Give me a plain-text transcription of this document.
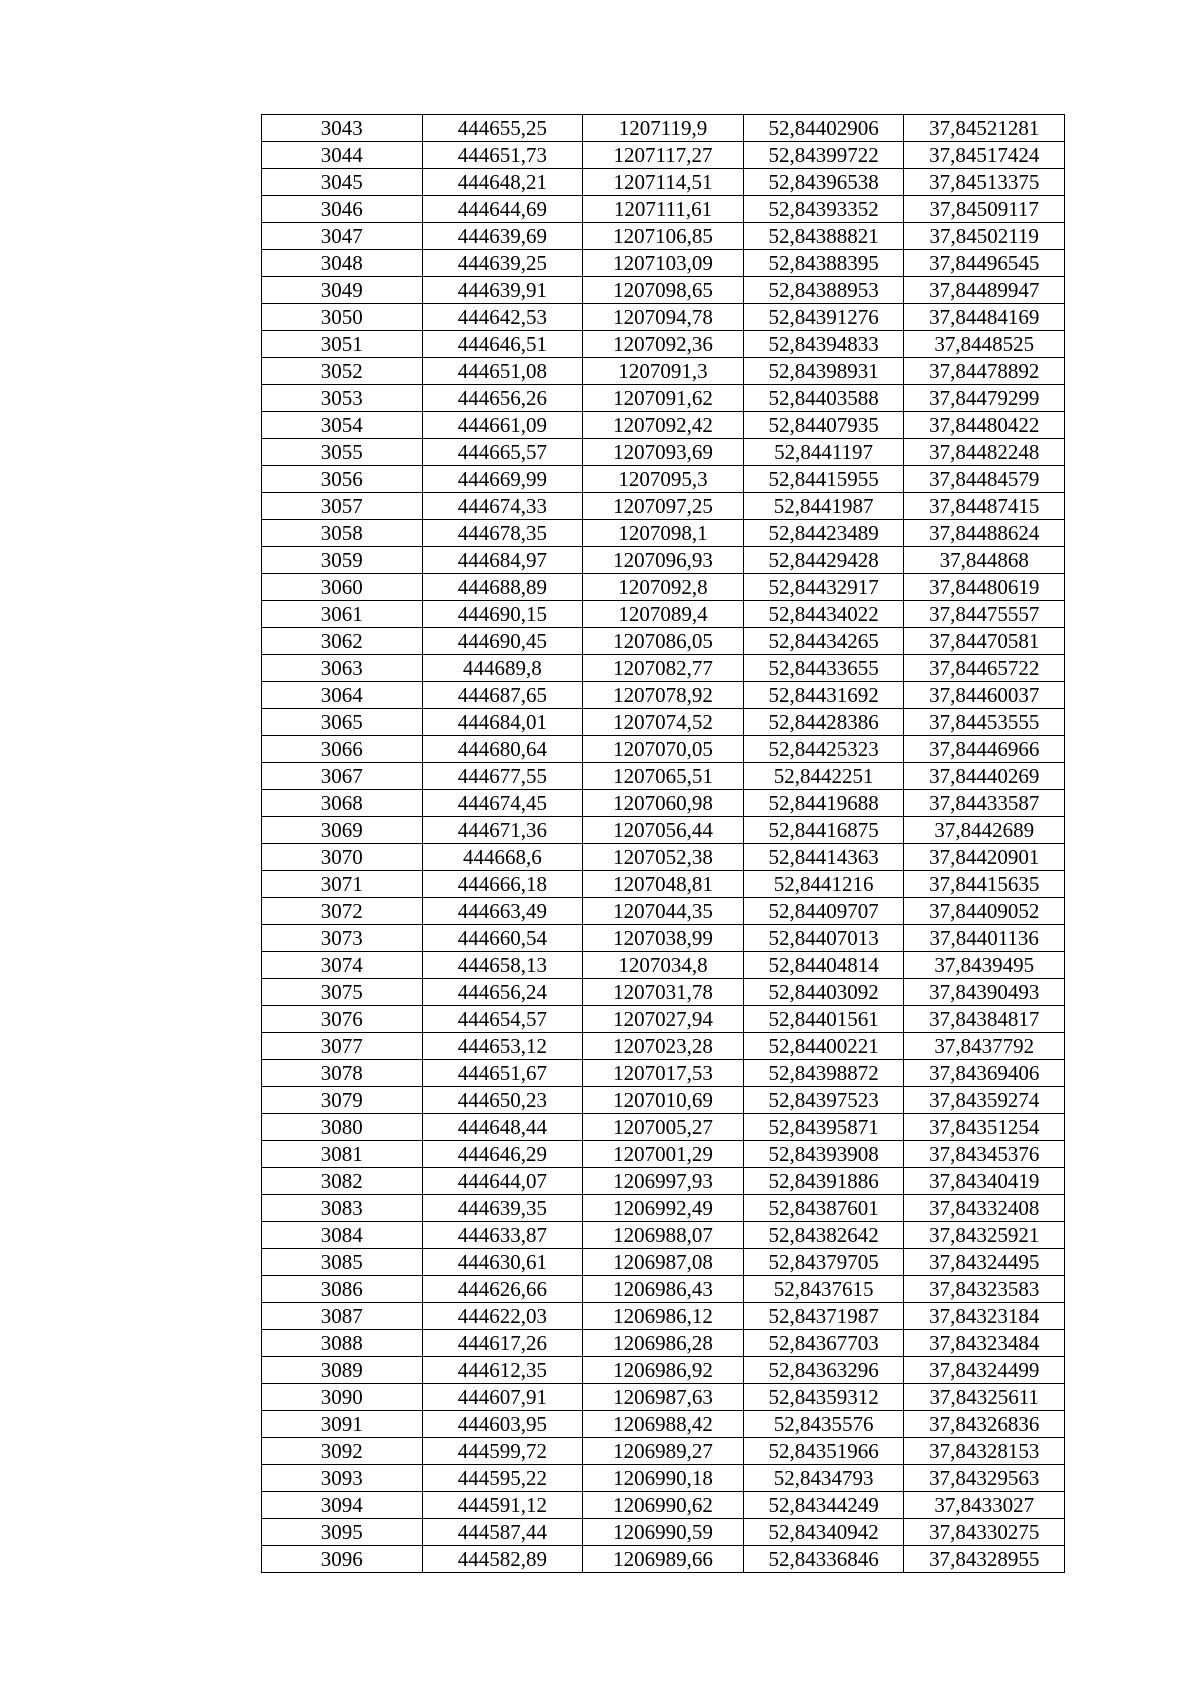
3043	444655,25	1207119,9	52,84402906	37,84521281
3044	444651,73	1207117,27	52,84399722	37,84517424
3045	444648,21	1207114,51	52,84396538	37,84513375
3046	444644,69	1207111,61	52,84393352	37,84509117
3047	444639,69	1207106,85	52,84388821	37,84502119
3048	444639,25	1207103,09	52,84388395	37,84496545
3049	444639,91	1207098,65	52,84388953	37,84489947
3050	444642,53	1207094,78	52,84391276	37,84484169
3051	444646,51	1207092,36	52,84394833	37,8448525
3052	444651,08	1207091,3	52,84398931	37,84478892
3053	444656,26	1207091,62	52,84403588	37,84479299
3054	444661,09	1207092,42	52,84407935	37,84480422
3055	444665,57	1207093,69	52,8441197	37,84482248
3056	444669,99	1207095,3	52,84415955	37,84484579
3057	444674,33	1207097,25	52,8441987	37,84487415
3058	444678,35	1207098,1	52,84423489	37,84488624
3059	444684,97	1207096,93	52,84429428	37,844868
3060	444688,89	1207092,8	52,84432917	37,84480619
3061	444690,15	1207089,4	52,84434022	37,84475557
3062	444690,45	1207086,05	52,84434265	37,84470581
3063	444689,8	1207082,77	52,84433655	37,84465722
3064	444687,65	1207078,92	52,84431692	37,84460037
3065	444684,01	1207074,52	52,84428386	37,84453555
3066	444680,64	1207070,05	52,84425323	37,84446966
3067	444677,55	1207065,51	52,8442251	37,84440269
3068	444674,45	1207060,98	52,84419688	37,84433587
3069	444671,36	1207056,44	52,84416875	37,8442689
3070	444668,6	1207052,38	52,84414363	37,84420901
3071	444666,18	1207048,81	52,8441216	37,84415635
3072	444663,49	1207044,35	52,84409707	37,84409052
3073	444660,54	1207038,99	52,84407013	37,84401136
3074	444658,13	1207034,8	52,84404814	37,8439495
3075	444656,24	1207031,78	52,84403092	37,84390493
3076	444654,57	1207027,94	52,84401561	37,84384817
3077	444653,12	1207023,28	52,84400221	37,8437792
3078	444651,67	1207017,53	52,84398872	37,84369406
3079	444650,23	1207010,69	52,84397523	37,84359274
3080	444648,44	1207005,27	52,84395871	37,84351254
3081	444646,29	1207001,29	52,84393908	37,84345376
3082	444644,07	1206997,93	52,84391886	37,84340419
3083	444639,35	1206992,49	52,84387601	37,84332408
3084	444633,87	1206988,07	52,84382642	37,84325921
3085	444630,61	1206987,08	52,84379705	37,84324495
3086	444626,66	1206986,43	52,8437615	37,84323583
3087	444622,03	1206986,12	52,84371987	37,84323184
3088	444617,26	1206986,28	52,84367703	37,84323484
3089	444612,35	1206986,92	52,84363296	37,84324499
3090	444607,91	1206987,63	52,84359312	37,84325611
3091	444603,95	1206988,42	52,8435576	37,84326836
3092	444599,72	1206989,27	52,84351966	37,84328153
3093	444595,22	1206990,18	52,8434793	37,84329563
3094	444591,12	1206990,62	52,84344249	37,8433027
3095	444587,44	1206990,59	52,84340942	37,84330275
3096	444582,89	1206989,66	52,84336846	37,84328955
